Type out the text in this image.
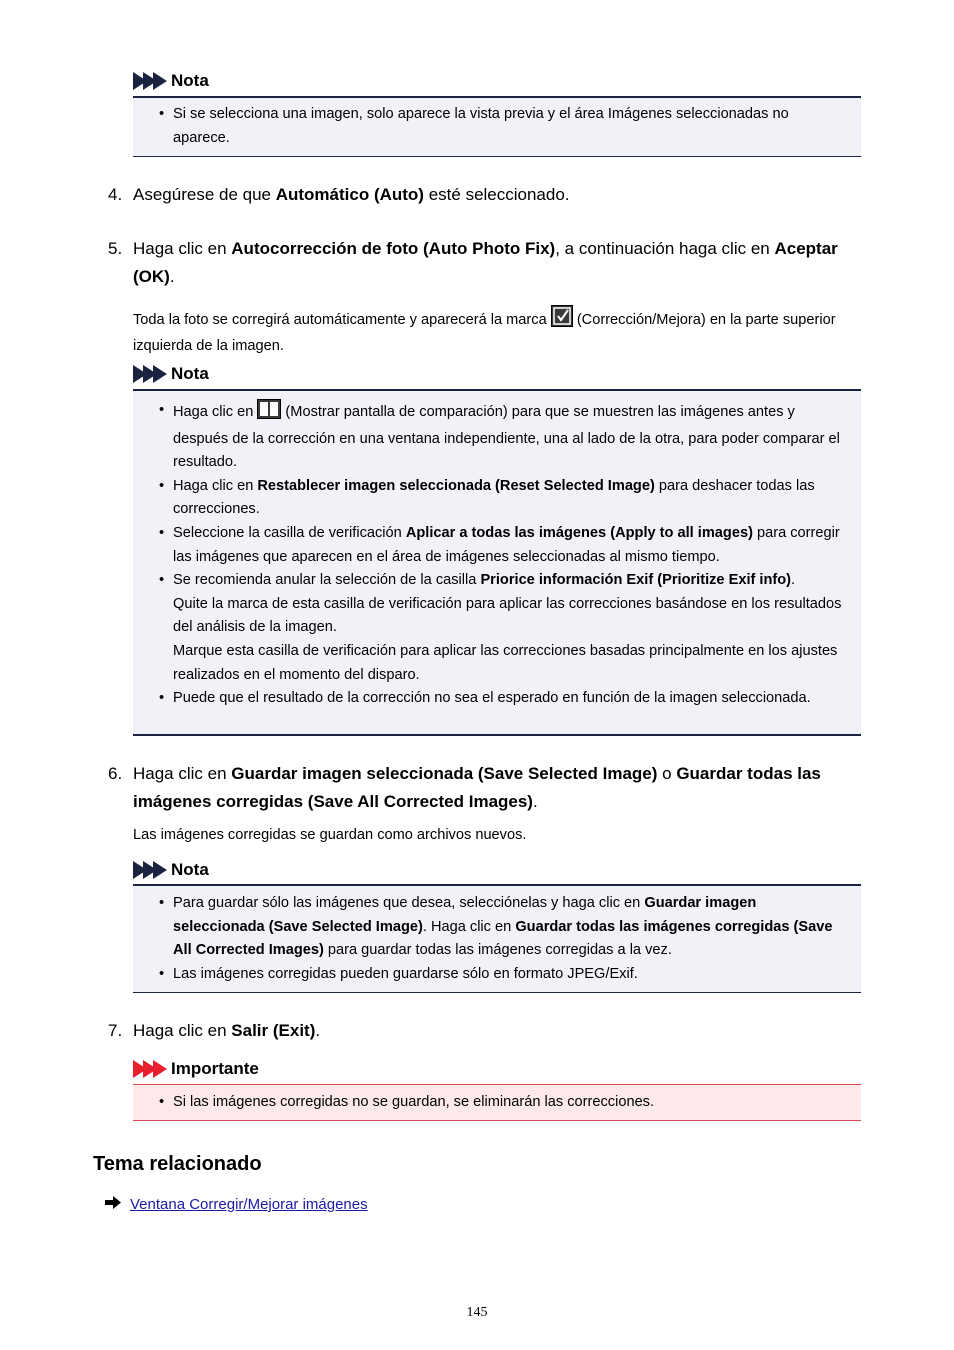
Nota
• Si se selecciona una imagen, solo aparece la vista previa y el área Imágenes seleccionadas no aparece.
4. Asegúrese de que Automático (Auto) esté seleccionado.
5. Haga clic en Autocorrección de foto (Auto Photo Fix), a continuación haga clic en Aceptar (OK).
Toda la foto se corregirá automáticamente y aparecerá la marca  (Corrección/Mejora) en la parte superior izquierda de la imagen.
Nota
• Haga clic en  (Mostrar pantalla de comparación) para que se muestren las imágenes antes y después de la corrección en una ventana independiente, una al lado de la otra, para poder comparar el resultado.
• Haga clic en Restablecer imagen seleccionada (Reset Selected Image) para deshacer todas las correcciones.
• Seleccione la casilla de verificación Aplicar a todas las imágenes (Apply to all images) para corregir las imágenes que aparecen en el área de imágenes seleccionadas al mismo tiempo.
• Se recomienda anular la selección de la casilla Priorice información Exif (Prioritize Exif info).
Quite la marca de esta casilla de verificación para aplicar las correcciones basándose en los resultados del análisis de la imagen.
Marque esta casilla de verificación para aplicar las correcciones basadas principalmente en los ajustes realizados en el momento del disparo.
• Puede que el resultado de la corrección no sea el esperado en función de la imagen seleccionada.
6. Haga clic en Guardar imagen seleccionada (Save Selected Image) o Guardar todas las imágenes corregidas (Save All Corrected Images).
Las imágenes corregidas se guardan como archivos nuevos.
Nota
• Para guardar sólo las imágenes que desea, selecciónelas y haga clic en Guardar imagen seleccionada (Save Selected Image). Haga clic en Guardar todas las imágenes corregidas (Save All Corrected Images) para guardar todas las imágenes corregidas a la vez.
• Las imágenes corregidas pueden guardarse sólo en formato JPEG/Exif.
7. Haga clic en Salir (Exit).
Importante
• Si las imágenes corregidas no se guardan, se eliminarán las correcciones.
Tema relacionado
Ventana Corregir/Mejorar imágenes
145
